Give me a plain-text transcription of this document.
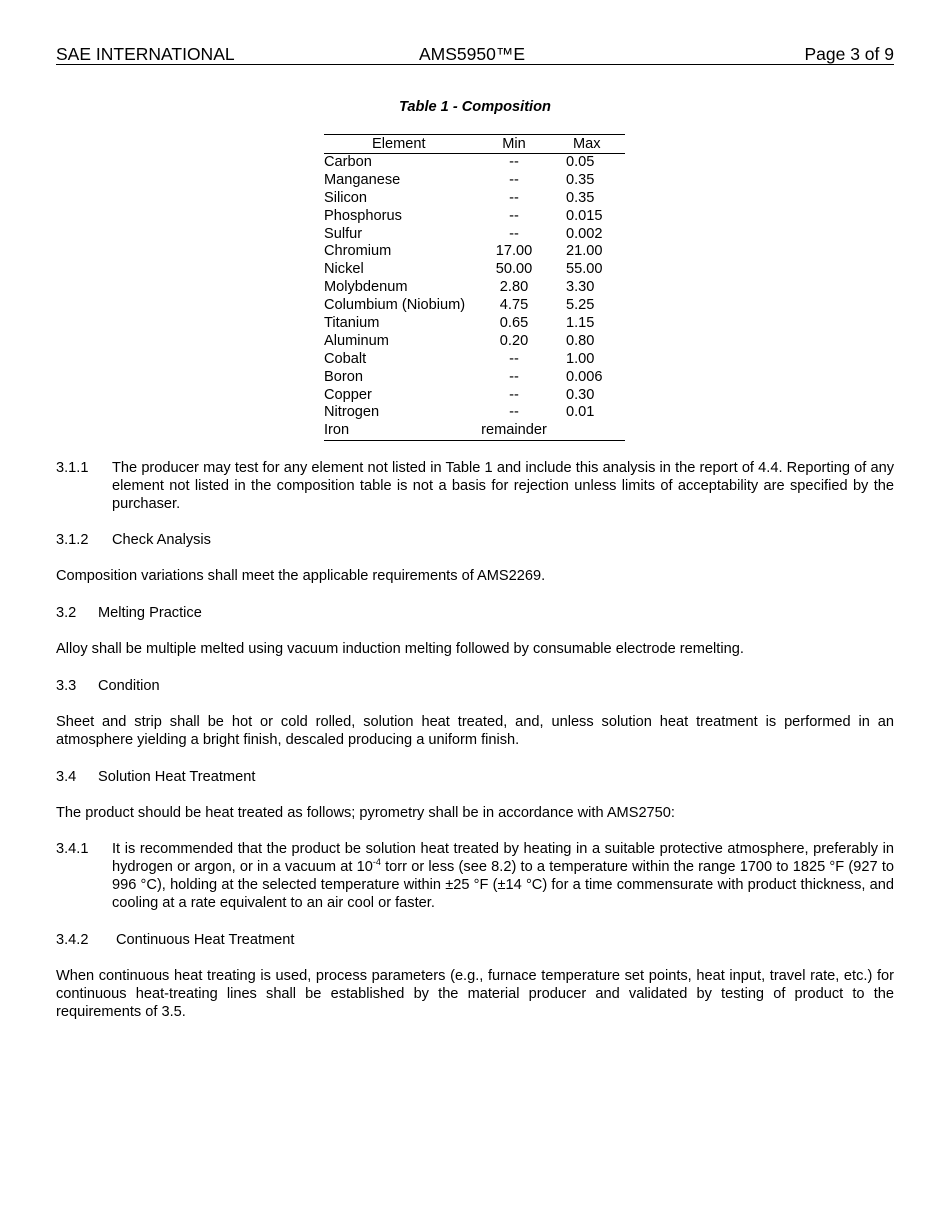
SAE INTERNATIONAL	AMS5950™E	Page 3 of 9
Table 1 - Composition
Element	Min	Max
Carbon	--	0.05
Manganese	--	0.35
Silicon	--	0.35
Phosphorus	--	0.015
Sulfur	--	0.002
Chromium	17.00	21.00
Nickel	50.00	55.00
Molybdenum	2.80	3.30
Columbium (Niobium)	4.75	5.25
Titanium	0.65	1.15
Aluminum	0.20	0.80
Cobalt	--	1.00
Boron	--	0.006
Copper	--	0.30
Nitrogen	--	0.01
Iron	remainder
3.1.1 The producer may test for any element not listed in Table 1 and include this analysis in the report of 4.4. Reporting of any element not listed in the composition table is not a basis for rejection unless limits of acceptability are specified by the purchaser.
3.1.2 Check Analysis
Composition variations shall meet the applicable requirements of AMS2269.
3.2 Melting Practice
Alloy shall be multiple melted using vacuum induction melting followed by consumable electrode remelting.
3.3 Condition
Sheet and strip shall be hot or cold rolled, solution heat treated, and, unless solution heat treatment is performed in an atmosphere yielding a bright finish, descaled producing a uniform finish.
3.4 Solution Heat Treatment
The product should be heat treated as follows; pyrometry shall be in accordance with AMS2750:
3.4.1 It is recommended that the product be solution heat treated by heating in a suitable protective atmosphere, preferably in hydrogen or argon, or in a vacuum at $10^{-4}$ torr or less (see 8.2) to a temperature within the range 1700 to 1825 °F (927 to 996 °C), holding at the selected temperature within ±25 °F (±14 °C) for a time commensurate with product thickness, and cooling at a rate equivalent to an air cool or faster.
3.4.2 Continuous Heat Treatment
When continuous heat treating is used, process parameters (e.g., furnace temperature set points, heat input, travel rate, etc.) for continuous heat-treating lines shall be established by the material producer and validated by testing of product to the requirements of 3.5.
